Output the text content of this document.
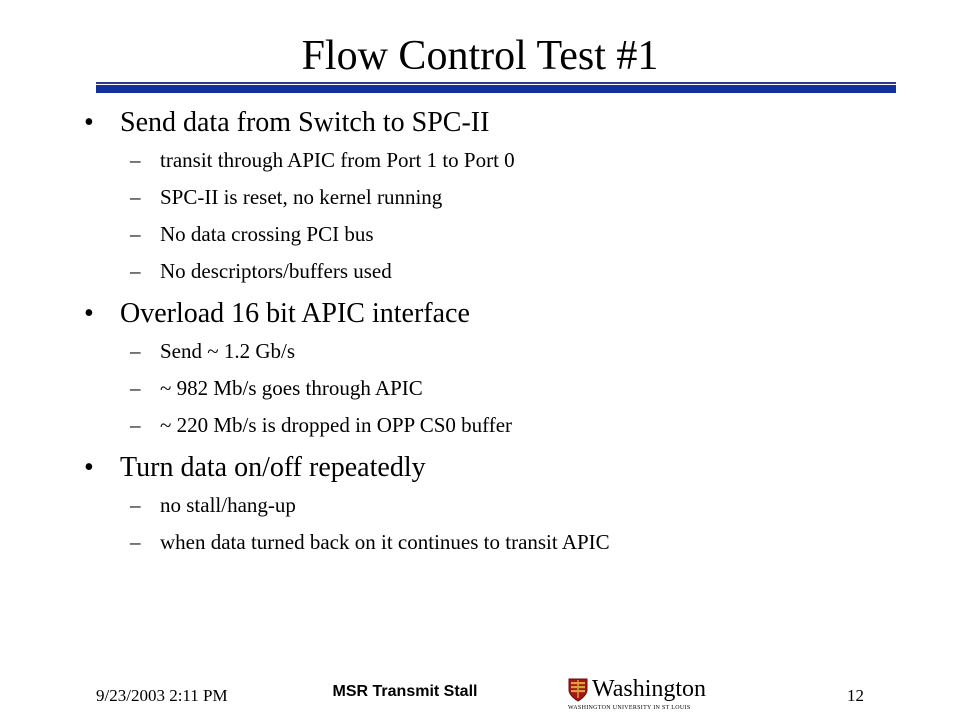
Flow Control Test #1
• Send data from Switch to SPC-II
– transit through APIC from Port 1 to Port 0
– SPC-II is reset, no kernel running
– No data crossing PCI bus
– No descriptors/buffers used
• Overload 16 bit APIC interface
– Send ~ 1.2 Gb/s
– ~ 982 Mb/s goes through APIC
– ~ 220 Mb/s is dropped in OPP CS0 buffer
• Turn data on/off repeatedly
– no stall/hang-up
– when data turned back on it continues to transit APIC
9/23/2003 2:11 PM	MSR Transmit Stall	Washington
WASHINGTON UNIVERSITY IN ST LOUIS
12
